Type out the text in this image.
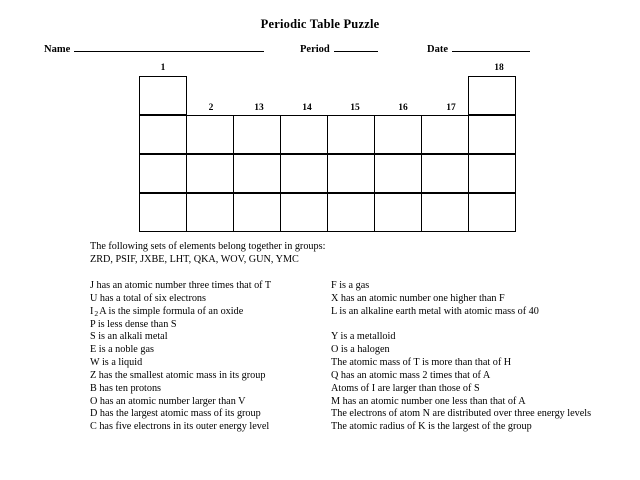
Periodic Table Puzzle
Name	Period	Date
1	18
2	13	14	15	16	17
The following sets of elements belong together in groups:
ZRD, PSIF, JXBE, LHT, QKA, WOV, GUN, YMC
J has an atomic number three times that of T
U has a total of six electrons
$I_2A$ is the simple formula of an oxide
P is less dense than S
S is an alkali metal
E is a noble gas
W is a liquid
Z has the smallest atomic mass in its group
B has ten protons
O has an atomic number larger than V
D has the largest atomic mass of its group
C has five electrons in its outer energy level
F is a gas
X has an atomic number one higher than F
L is an alkaline earth metal with atomic mass of 40
Y is a metalloid
O is a halogen
The atomic mass of T is more than that of H
Q has an atomic mass 2 times that of A
Atoms of I are larger than those of S
M has an atomic number one less than that of A
The electrons of atom N are distributed over three energy levels
The atomic radius of K is the largest of the group
